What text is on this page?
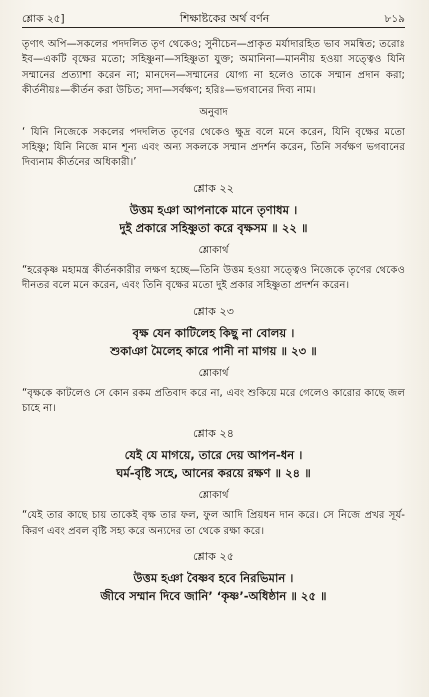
শ্লোক ২৫]	শিক্ষাষ্টকের অর্থ বর্ণন	৮১৯

তৃণাৎ অপি—সকলের পদদলিত তৃণ থেকেও; সুনীচেন—প্রাকৃত মর্যাদারহিত ভাব সমন্বিত; তরোঃ ইব—একটি বৃক্ষের মতো; সহিষ্ণুনা—সহিষ্ণুতা যুক্ত; অমানিনা—মাননীয় হওয়া সত্ত্বেও যিনি সম্মানের প্রত্যাশা করেন না; মানদেন—সম্মানের যোগ্য না হলেও তাকে সম্মান প্রদান করা; কীর্তনীয়ঃ—কীর্তন করা উচিত; সদা—সর্বক্ষণ; হরিঃ—ভগবানের দিব্য নাম।

অনুবাদ

‘ যিনি নিজেকে সকলের পদদলিত তৃণের থেকেও ক্ষুদ্র বলে মনে করেন, যিনি বৃক্ষের মতো সহিষ্ণু; যিনি নিজে মান শূন্য এবং অন্য সকলকে সম্মান প্রদর্শন করেন, তিনি সর্বক্ষণ ভগবানের দিব্যনাম কীর্তনের অধিকারী।’

শ্লোক ২২
উত্তম হঞা আপনাকে মানে তৃণাধম ।
দুই প্রকারে সহিষ্ণুতা করে বৃক্ষসম ॥ ২২ ॥
শ্লোকার্থ

“হরেকৃষ্ণ মহামন্ত্র কীর্তনকারীর লক্ষণ হচ্ছে—তিনি উত্তম হওয়া সত্ত্বেও নিজেকে তৃণের থেকেও দীনতর বলে মনে করেন, এবং তিনি বৃক্ষের মতো দুই প্রকার সহিষ্ণুতা প্রদর্শন করেন।

শ্লোক ২৩
বৃক্ষ যেন কাটিলেহ কিছু না বোলয় ।
শুকাঞা মৈলেহ কারে পানী না মাগয় ॥ ২৩ ॥
শ্লোকার্থ

“বৃক্ষকে কাটলেও সে কোন রকম প্রতিবাদ করে না, এবং শুকিয়ে মরে গেলেও কারোর কাছে জল চাহে না।

শ্লোক ২৪
যেই যে মাগয়ে, তারে দেয় আপন-ধন ।
ঘর্ম-বৃষ্টি সহে, আনের করয়ে রক্ষণ ॥ ২৪ ॥
শ্লোকার্থ

“যেই তার কাছে চায় তাকেই বৃক্ষ তার ফল, ফুল আদি প্রিয়ধন দান করে। সে নিজে প্রখর সূর্য-কিরণ এবং প্রবল বৃষ্টি সহ্য করে অন্যদের তা থেকে রক্ষা করে।

শ্লোক ২৫
উত্তম হঞা বৈষ্ণব হবে নিরভিমান ।
জীবে সম্মান দিবে জানি’ ‘কৃষ্ণ’-অধিষ্ঠান ॥ ২৫ ॥
